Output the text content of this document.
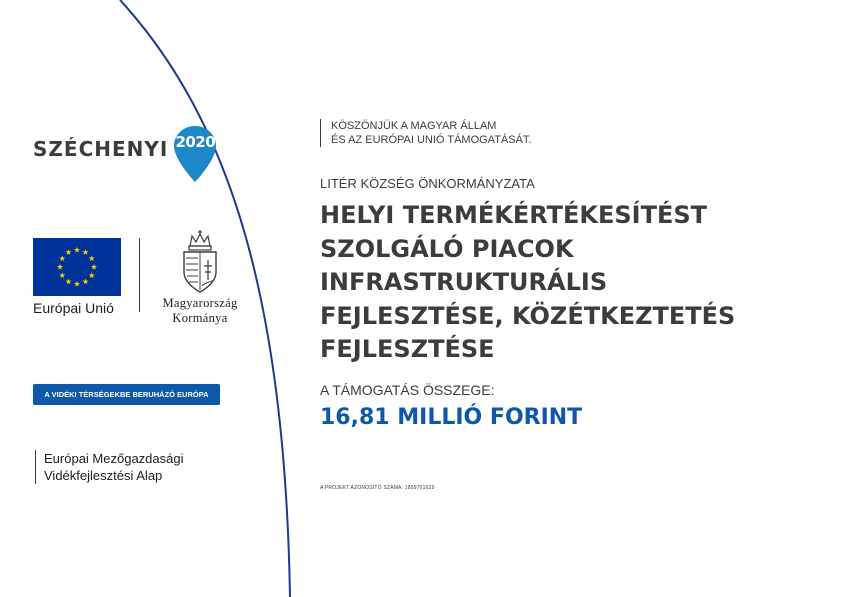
SZÉCHENYI 2020
Európai Unió	Magyarország
Kormánya
A VIDÉKI TÉRSÉGEKBE BERUHÁZÓ EURÓPA
Európai Mezőgazdasági
Vidékfejlesztési Alap
KÖSZÖNJÜK A MAGYAR ÁLLAM
ÉS AZ EURÓPAI UNIÓ TÁMOGATÁSÁT.
LITÉR KÖZSÉG ÖNKORMÁNYZATA
HELYI TERMÉKÉRTÉKESÍTÉST
SZOLGÁLÓ PIACOK
INFRASTRUKTURÁLIS
FEJLESZTÉSE, KÖZÉTKEZTETÉS
FEJLESZTÉSE
A TÁMOGATÁS ÖSSZEGE:
16,81 MILLIÓ FORINT
A PROJEKT AZONOSÍTÓ SZÁMA: 1859701629
